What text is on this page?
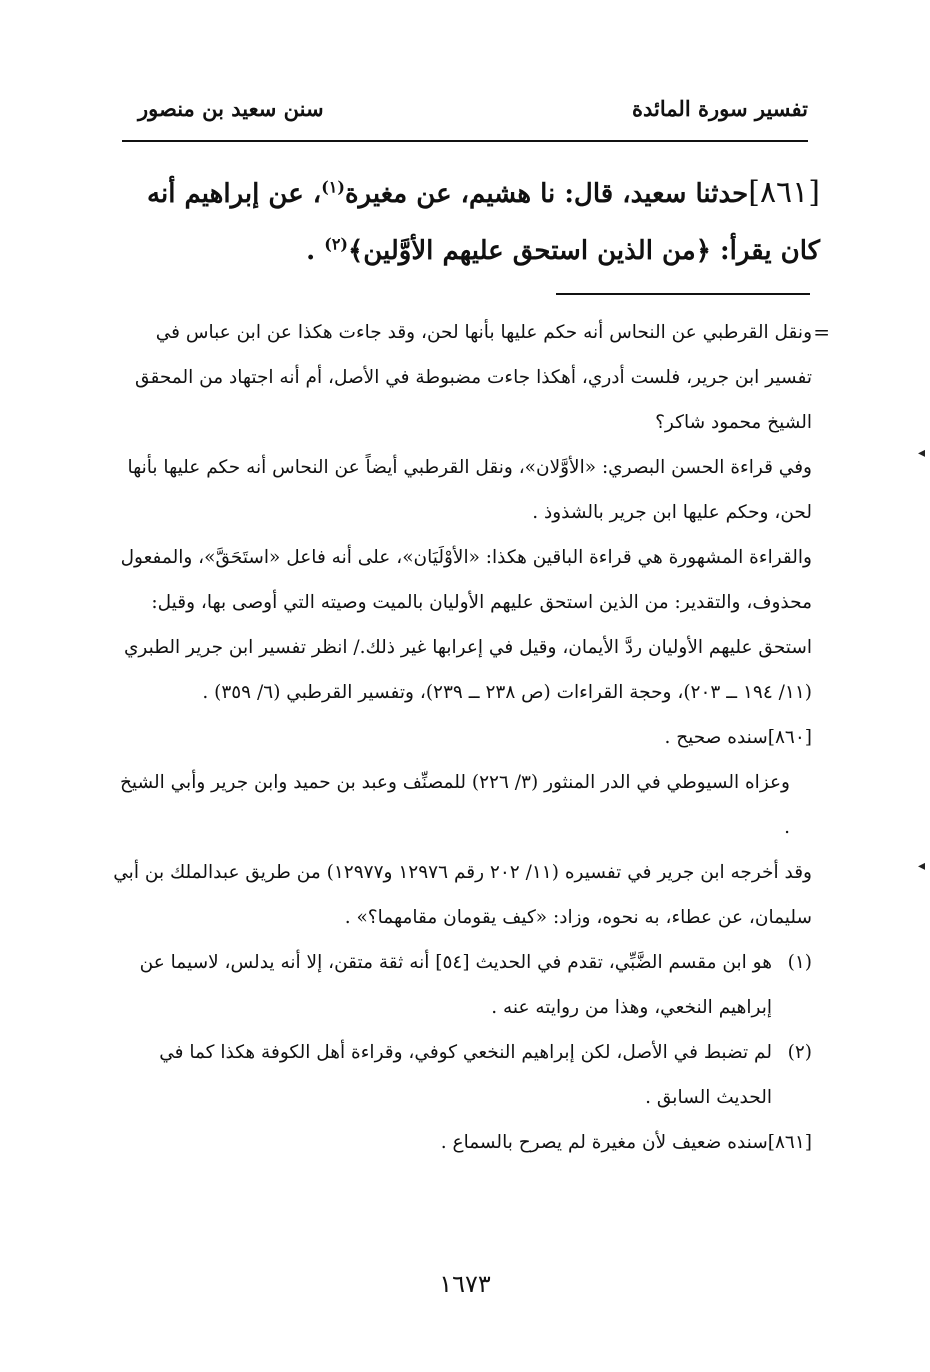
تفسير سورة المائدة
سنن سعيد بن منصور
[٨٦١]حدثنا سعيد، قال: نا هشيم، عن مغيرة$^{(١)}$، عن إبراهيم أنه
كان يقرأ: ﴿من الذين استحق عليهم الأوَّلين﴾$^{(٢)}$ .

=
ونقل القرطبي عن النحاس أنه حكم عليها بأنها لحن، وقد جاءت هكذا عن ابن عباس في تفسير ابن جرير، فلست أدري، أهكذا جاءت مضبوطة في الأصل، أم أنه اجتهاد من المحقق الشيخ محمود شاكر؟

وفي قراءة الحسن البصري: «الأوَّلان»، ونقل القرطبي أيضاً عن النحاس أنه حكم عليها بأنها لحن، وحكم عليها ابن جرير بالشذوذ .

والقراءة المشهورة هي قراءة الباقين هكذا: «الأوْلَيَان»، على أنه فاعل «استَحَقَّ»، والمفعول محذوف، والتقدير: من الذين استحق عليهم الأوليان بالميت وصيته التي أوصى بها، وقيل: استحق عليهم الأوليان ردَّ الأيمان، وقيل في إعرابها غير ذلك./ انظر تفسير ابن جرير الطبري (١١/ ١٩٤ ــ ٢٠٣)، وحجة القراءات (ص ٢٣٨ ــ ٢٣٩)، وتفسير القرطبي (٦/ ٣٥٩) .

[٨٦٠]سنده صحيح .

وعزاه السيوطي في الدر المنثور (٣/ ٢٢٦) للمصنِّف وعبد بن حميد وابن جرير وأبي الشيخ .

وقد أخرجه ابن جرير في تفسيره (١١/ ٢٠٢ رقم ١٢٩٧٦ و١٢٩٧٧) من طريق عبدالملك بن أبي سليمان، عن عطاء، به نحوه، وزاد: «كيف يقومان مقامهما؟» .

(١)
هو ابن مقسم الضَّبِّي، تقدم في الحديث [٥٤] أنه ثقة متقن، إلا أنه يدلس، لاسيما عن إبراهيم النخعي، وهذا من روايته عنه .

(٢)
لم تضبط في الأصل، لكن إبراهيم النخعي كوفي، وقراءة أهل الكوفة هكذا كما في الحديث السابق .

[٨٦١]سنده ضعيف لأن مغيرة لم يصرح بالسماع .

◂
◂
١٦٧٣
